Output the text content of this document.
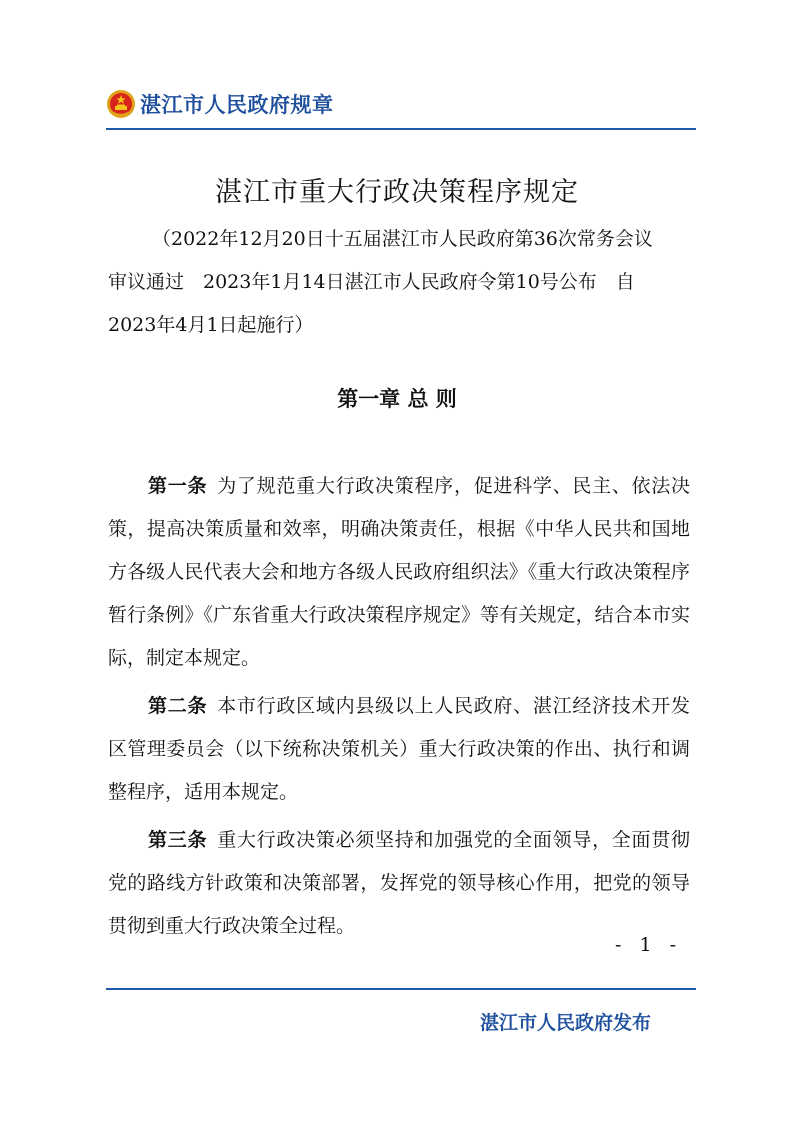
湛江市人民政府规章
湛江市重大行政决策程序规定
（2022年12月20日十五届湛江市人民政府第36次常务会议
审议通过　2023年1月14日湛江市人民政府令第10号公布　自
2023年4月1日起施行）
第一章 总 则

第一条 为了规范重大行政决策程序，促进科学、民主、依法决策，提高决策质量和效率，明确决策责任，根据《中华人民共和国地方各级人民代表大会和地方各级人民政府组织法》《重大行政决策程序暂行条例》《广东省重大行政决策程序规定》等有关规定，结合本市实际，制定本规定。

第二条 本市行政区域内县级以上人民政府、湛江经济技术开发区管理委员会（以下统称决策机关）重大行政决策的作出、执行和调整程序，适用本规定。

第三条 重大行政决策必须坚持和加强党的全面领导，全面贯彻党的路线方针政策和决策部署，发挥党的领导核心作用，把党的领导贯彻到重大行政决策全过程。

- 1 -
湛江市人民政府发布
